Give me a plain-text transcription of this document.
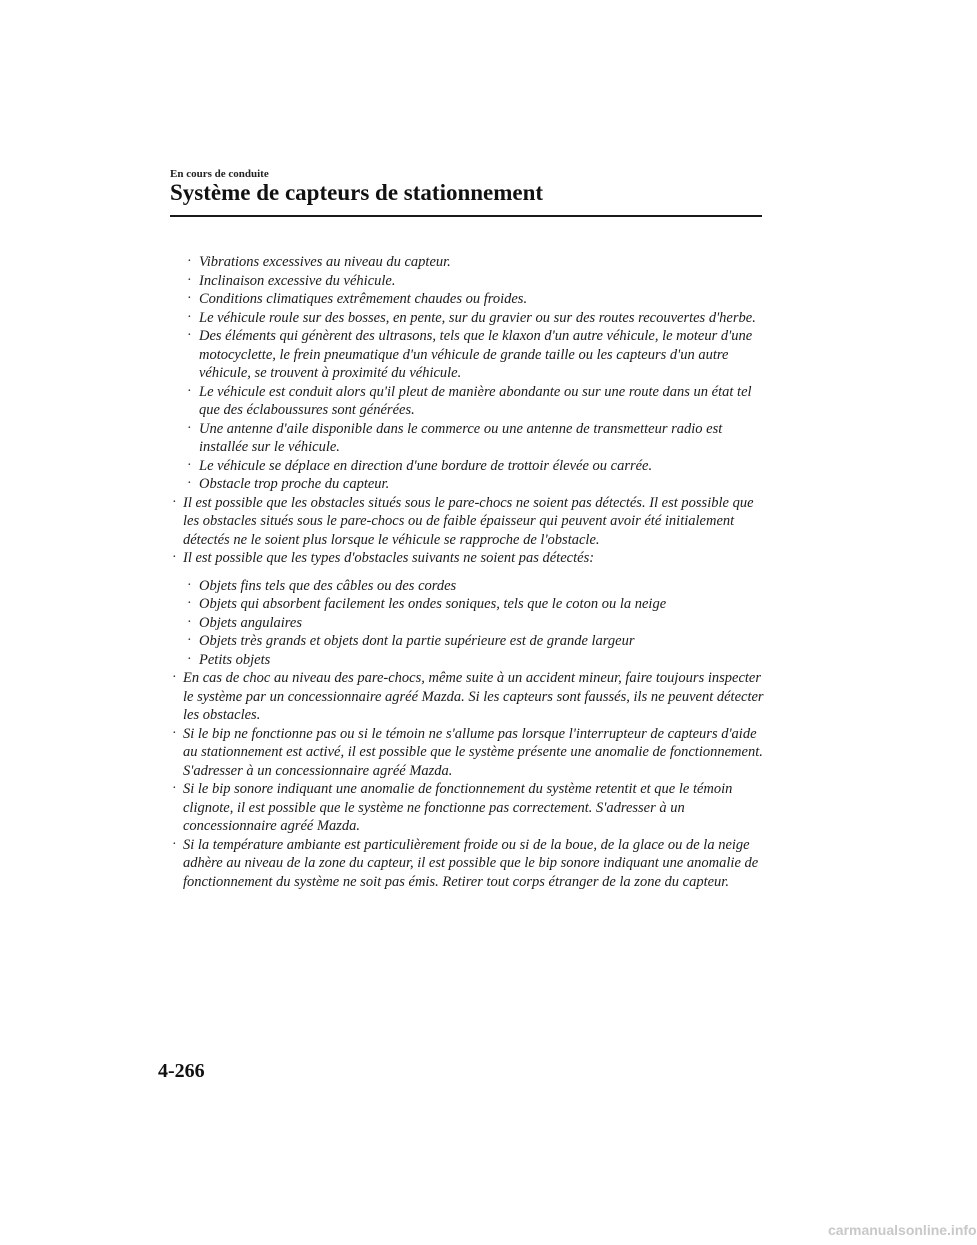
En cours de conduite
Système de capteurs de stationnement

· Vibrations excessives au niveau du capteur.

· Inclinaison excessive du véhicule.

· Conditions climatiques extrêmement chaudes ou froides.

· Le véhicule roule sur des bosses, en pente, sur du gravier ou sur des routes recouvertes d'herbe.

· Des éléments qui génèrent des ultrasons, tels que le klaxon d'un autre véhicule, le moteur d'une motocyclette, le frein pneumatique d'un véhicule de grande taille ou les capteurs d'un autre véhicule, se trouvent à proximité du véhicule.

· Le véhicule est conduit alors qu'il pleut de manière abondante ou sur une route dans un état tel que des éclaboussures sont générées.

· Une antenne d'aile disponible dans le commerce ou une antenne de transmetteur radio est installée sur le véhicule.

· Le véhicule se déplace en direction d'une bordure de trottoir élevée ou carrée.

· Obstacle trop proche du capteur.

· Il est possible que les obstacles situés sous le pare-chocs ne soient pas détectés. Il est possible que les obstacles situés sous le pare-chocs ou de faible épaisseur qui peuvent avoir été initialement détectés ne le soient plus lorsque le véhicule se rapproche de l'obstacle.

· Il est possible que les types d'obstacles suivants ne soient pas détectés:

· Objets fins tels que des câbles ou des cordes

· Objets qui absorbent facilement les ondes soniques, tels que le coton ou la neige

· Objets angulaires

· Objets très grands et objets dont la partie supérieure est de grande largeur

· Petits objets

· En cas de choc au niveau des pare-chocs, même suite à un accident mineur, faire toujours inspecter le système par un concessionnaire agréé Mazda. Si les capteurs sont faussés, ils ne peuvent détecter les obstacles.

· Si le bip ne fonctionne pas ou si le témoin ne s'allume pas lorsque l'interrupteur de capteurs d'aide au stationnement est activé, il est possible que le système présente une anomalie de fonctionnement. S'adresser à un concessionnaire agréé Mazda.

· Si le bip sonore indiquant une anomalie de fonctionnement du système retentit et que le témoin clignote, il est possible que le système ne fonctionne pas correctement. S'adresser à un concessionnaire agréé Mazda.

· Si la température ambiante est particulièrement froide ou si de la boue, de la glace ou de la neige adhère au niveau de la zone du capteur, il est possible que le bip sonore indiquant une anomalie de fonctionnement du système ne soit pas émis. Retirer tout corps étranger de la zone du capteur.

4-266
carmanualsonline.info
